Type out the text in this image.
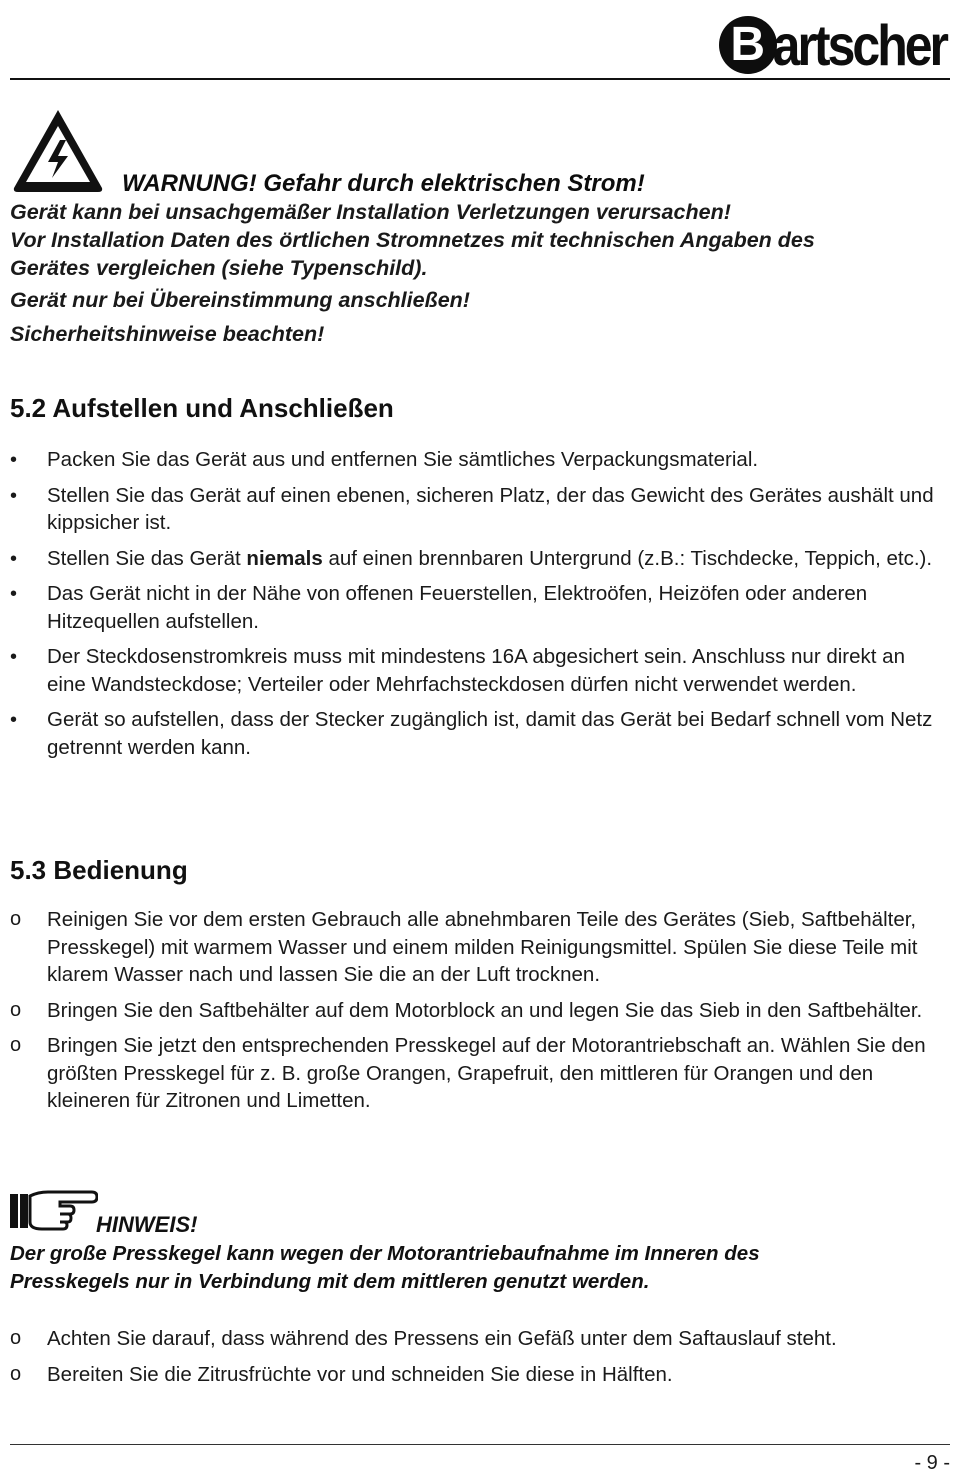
B artscher
WARNUNG! Gefahr durch elektrischen Strom!
Gerät kann bei unsachgemäßer Installation Verletzungen verursachen!
Vor Installation Daten des örtlichen Stromnetzes mit technischen Angaben des
Gerätes vergleichen (siehe Typenschild).
Gerät nur bei Übereinstimmung anschließen!
Sicherheitshinweise beachten!
5.2 Aufstellen und Anschließen
•
Packen Sie das Gerät aus und entfernen Sie sämtliches Verpackungsmaterial.
•
Stellen Sie das Gerät auf einen ebenen, sicheren Platz, der das Gewicht des Gerätes aushält und kippsicher ist.
•
Stellen Sie das Gerät niemals auf einen brennbaren Untergrund (z.B.: Tischdecke, Teppich, etc.).
•
Das Gerät nicht in der Nähe von offenen Feuerstellen, Elektroöfen, Heizöfen oder anderen Hitzequellen aufstellen.
•
Der Steckdosenstromkreis muss mit mindestens 16A abgesichert sein. Anschluss nur direkt an eine Wandsteckdose; Verteiler oder Mehrfachsteckdosen dürfen nicht verwendet werden.
•
Gerät so aufstellen, dass der Stecker zugänglich ist, damit das Gerät bei Bedarf schnell vom Netz getrennt werden kann.
5.3 Bedienung
o Reinigen Sie vor dem ersten Gebrauch alle abnehmbaren Teile des Gerätes (Sieb, Saftbehälter, Presskegel) mit warmem Wasser und einem milden Reinigungsmittel. Spülen Sie diese Teile mit klarem Wasser nach und lassen Sie die an der Luft trocknen.
o Bringen Sie den Saftbehälter auf dem Motorblock an und legen Sie das Sieb in den Saftbehälter.
o Bringen Sie jetzt den entsprechenden Presskegel auf der Motorantriebschaft an. Wählen Sie den größten Presskegel für z. B. große Orangen, Grapefruit, den mittleren für Orangen und den kleineren für Zitronen und Limetten.
HINWEIS!
Der große Presskegel kann wegen der Motorantriebaufnahme im Inneren des
Presskegels nur in Verbindung mit dem mittleren genutzt werden.
o Achten Sie darauf, dass während des Pressens ein Gefäß unter dem Saftauslauf steht.
o Bereiten Sie die Zitrusfrüchte vor und schneiden Sie diese in Hälften.
- 9 -
